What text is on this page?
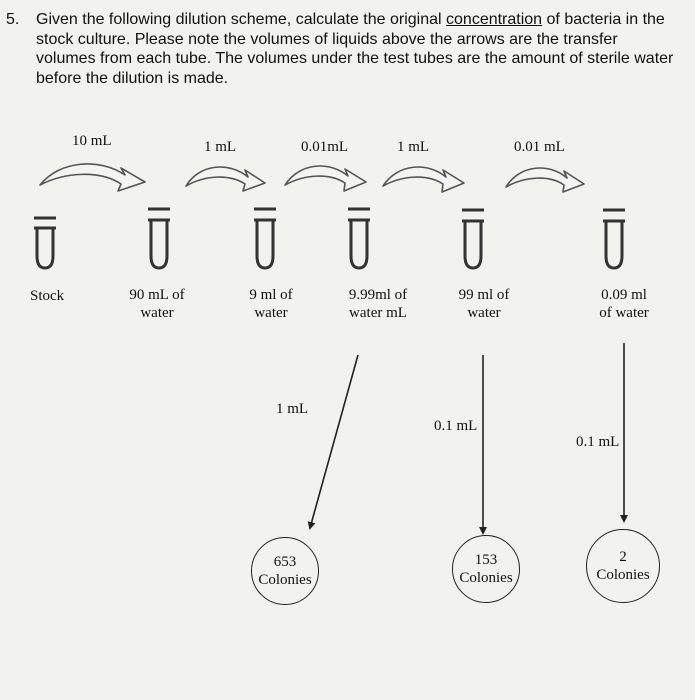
5. Given the following dilution scheme, calculate the original concentration of bacteria in the stock culture. Please note the volumes of liquids above the arrows are the transfer volumes from each tube. The volumes under the test tubes are the amount of sterile water before the dilution is made.
10 mL	1 mL	0.01mL	1 mL	0.01 mL
Stock	90 mL of
water
9 ml of
water
9.99ml of
water mL
99 ml of
water
0.09 ml
of water
1 mL
0.1 mL
0.1 mL
653
Colonies
153
Colonies
2
Colonies
